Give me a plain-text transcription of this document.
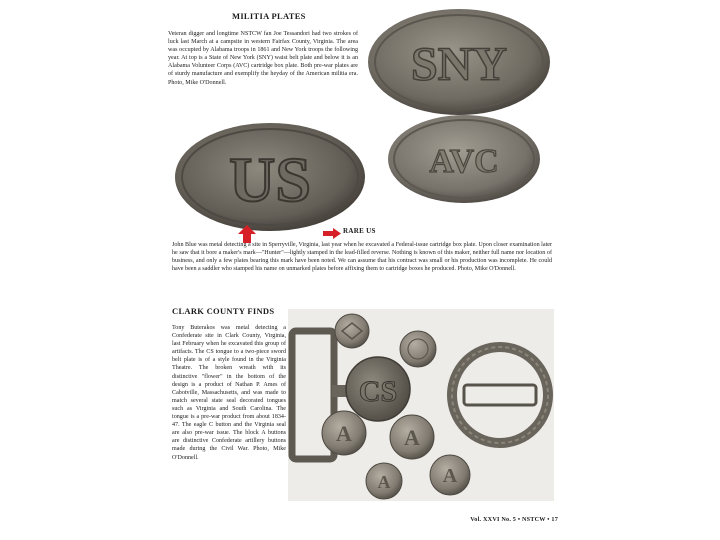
MILITIA PLATES
Veteran digger and longtime NSTCW fan Joe Tessandori had two strokes of luck last March at a campsite in western Fairfax County, Virginia. The area was occupied by Alabama troops in 1861 and New York troops the following year. At top is a State of New York (SNY) waist belt plate and below it is an Alabama Volunteer Corps (AVC) cartridge box plate. Both pre-war plates are of sturdy manufacture and exemplify the heyday of the American militia era. Photo, Mike O'Donnell.	SNY
AVC
US
RARE US
John Blue was metal detecting a site in Sperryville, Virginia, last year when he excavated a Federal-issue cartridge box plate. Upon closer examination later he saw that it bore a maker's mark—"Hunter"—lightly stamped in the lead-filled reverse. Nothing is known of this maker, neither full name nor location of business, and only a few plates bearing this mark have been noted. We can assume that his contract was small or his production was incomplete. He could have been a saddler who stamped his name on unmarked plates before affixing them to cartridge boxes he produced. Photo, Mike O'Donnell.
CLARK COUNTY FINDS
Tony Buterakos was metal detecting a Confederate site in Clark County, Virginia, last February when he excavated this group of artifacts. The CS tongue to a two-piece sword belt plate is of a style found in the Virginia Theatre. The broken wreath with its distinctive "flower" in the bottom of the design is a product of Nathan P. Ames of Cabotville, Massachusetts, and was made to match several state seal decorated tongues such as Virginia and South Carolina. The tongue is a pre-war product from about 1834-47. The eagle C button and the Virginia seal are also pre-war issue. The block A buttons are distinctive Confederate artillery buttons made during the Civil War. Photo, Mike O'Donnell.
CS
A A
A	A
Vol. XXVI No. 5 • NSTCW • 17
